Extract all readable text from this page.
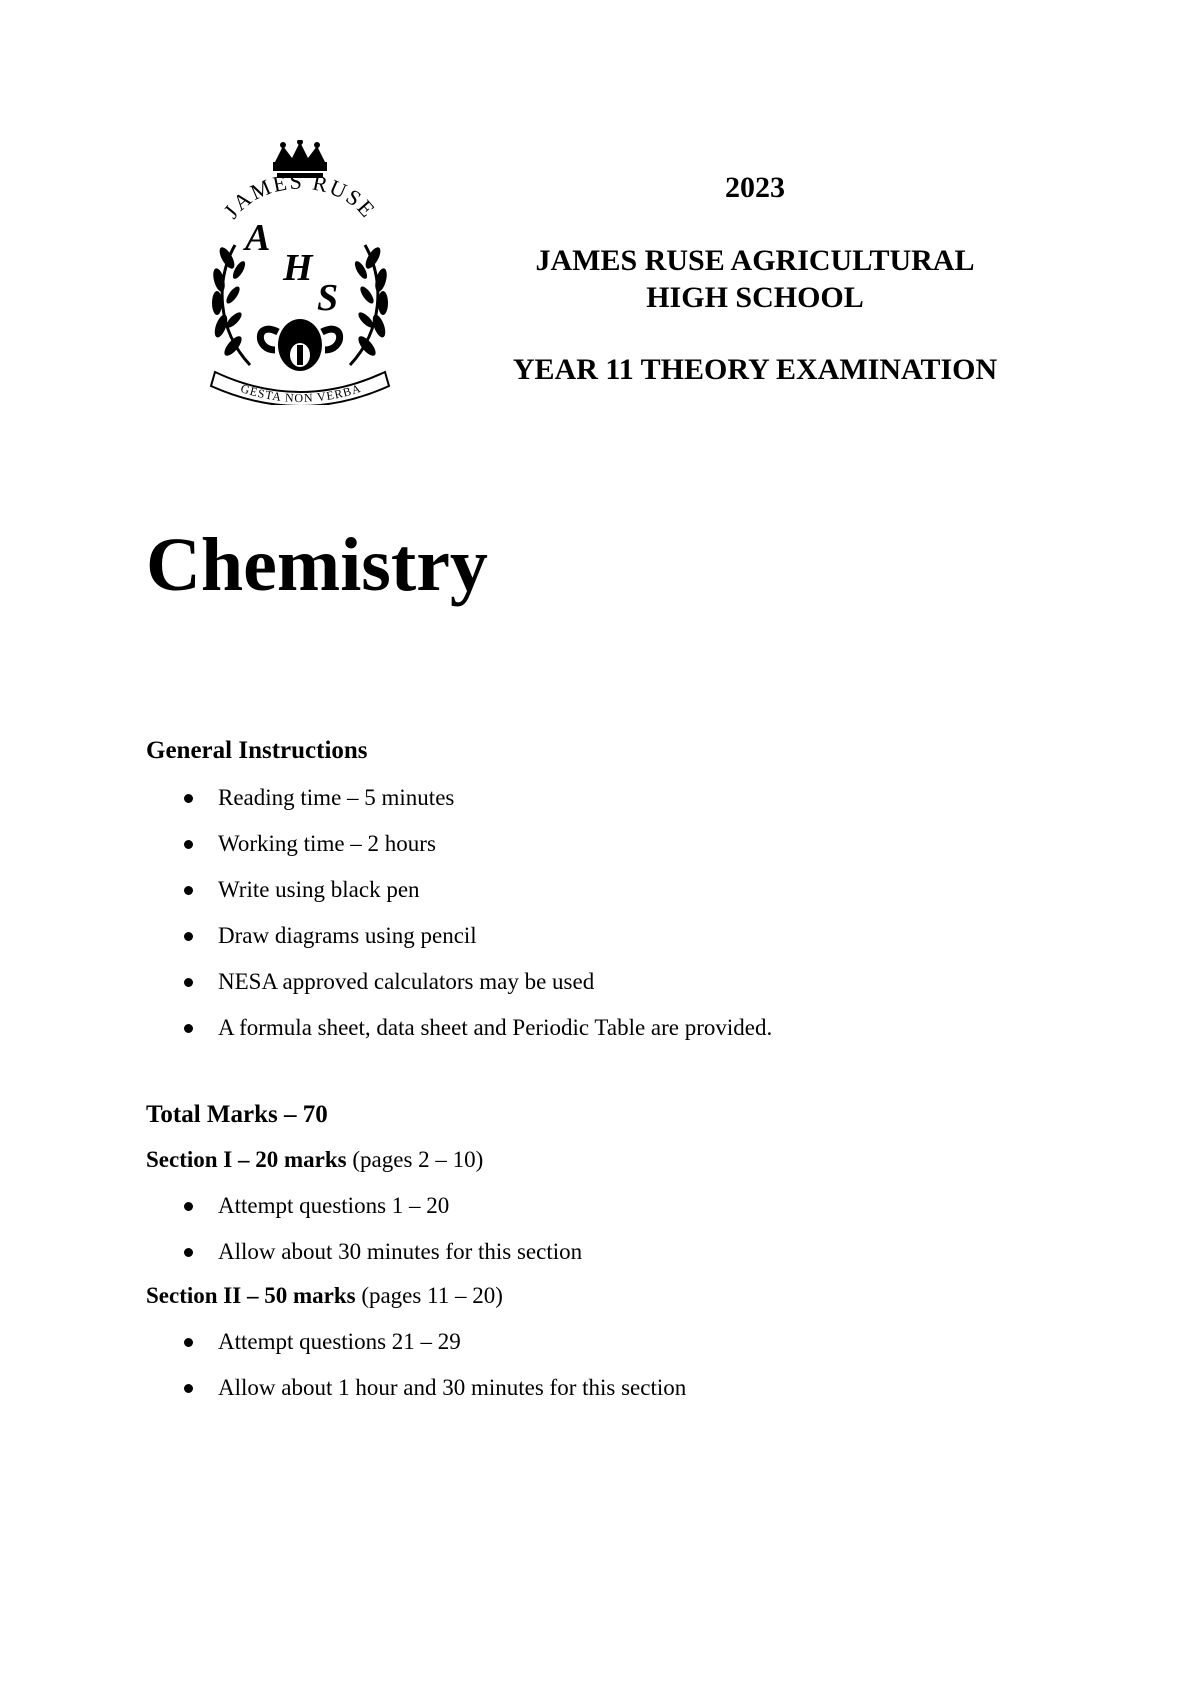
JAMES RUSE
A
H
S
GESTA NON VERBA

2023

JAMES RUSE AGRICULTURAL
HIGH SCHOOL

YEAR 11 THEORY EXAMINATION

Chemistry

General Instructions

Reading time – 5 minutes
Working time – 2 hours
Write using black pen
Draw diagrams using pencil
NESA approved calculators may be used
A formula sheet, data sheet and Periodic Table are provided.

Total Marks – 70

Section I – 20 marks (pages 2 – 10)

Attempt questions 1 – 20
Allow about 30 minutes for this section

Section II – 50 marks (pages 11 – 20)

Attempt questions 21 – 29
Allow about 1 hour and 30 minutes for this section
